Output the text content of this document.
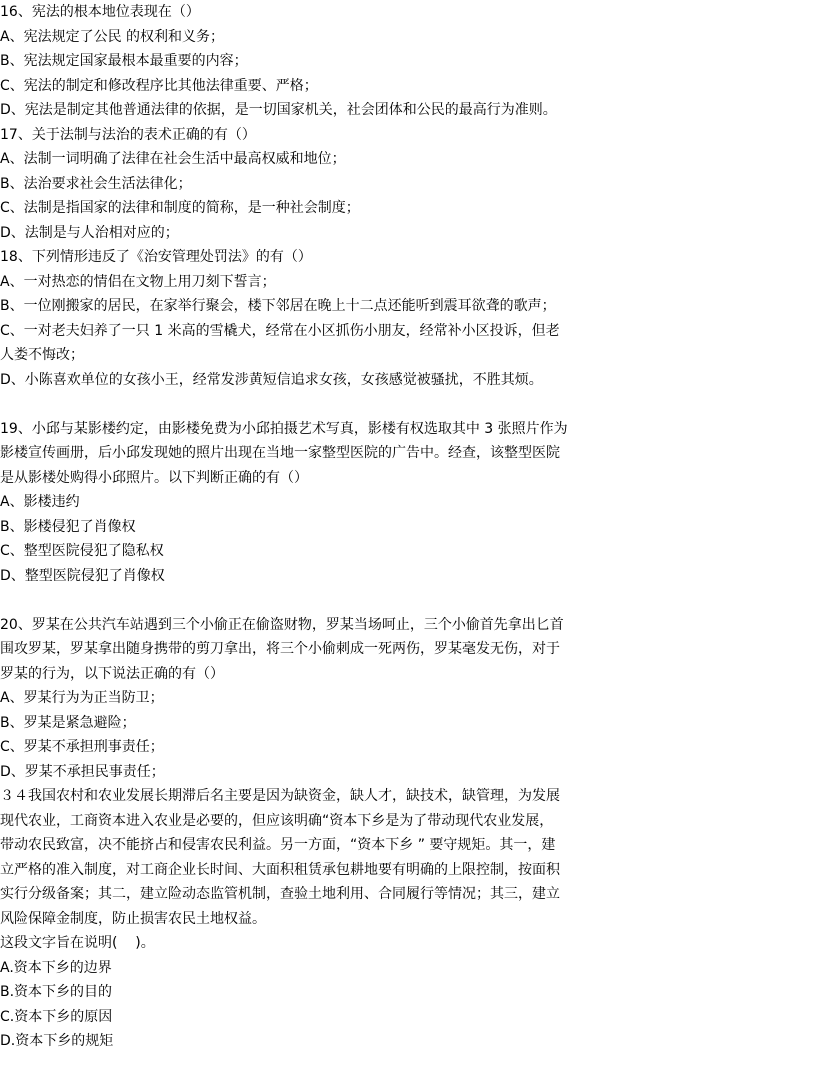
16、宪法的根本地位表现在（）

A、宪法规定了公民 的权利和义务；

B、宪法规定国家最根本最重要的内容；

C、宪法的制定和修改程序比其他法律重要、严格；

D、宪法是制定其他普通法律的依据，是一切国家机关，社会团体和公民的最高行为准则。

17、关于法制与法治的表术正确的有（）

A、法制一词明确了法律在社会生活中最高权威和地位；

B、法治要求社会生活法律化；

C、法制是指国家的法律和制度的简称，是一种社会制度；

D、法制是与人治相对应的；

18、下列情形违反了《治安管理处罚法》的有（）

A、一对热恋的情侣在文物上用刀刻下誓言；

B、一位刚搬家的居民，在家举行聚会，楼下邻居在晚上十二点还能听到震耳欲聋的歌声；

C、一对老夫妇养了一只 1 米高的雪橇犬，经常在小区抓伤小朋友，经常补小区投诉，但老

人娄不悔改；

D、小陈喜欢单位的女孩小王，经常发涉黄短信追求女孩，女孩感觉被骚扰，不胜其烦。

19、小邱与某影楼约定，由影楼免费为小邱拍摄艺术写真，影楼有权选取其中 3 张照片作为

影楼宣传画册，后小邱发现她的照片出现在当地一家整型医院的广告中。经查，该整型医院

是从影楼处购得小邱照片。以下判断正确的有（）

A、影楼违约

B、影楼侵犯了肖像权

C、整型医院侵犯了隐私权

D、整型医院侵犯了肖像权

20、罗某在公共汽车站遇到三个小偷正在偷盗财物，罗某当场呵止，三个小偷首先拿出匕首

围攻罗某，罗某拿出随身携带的剪刀拿出，将三个小偷刺成一死两伤，罗某毫发无伤，对于

罗某的行为，以下说法正确的有（）

A、罗某行为为正当防卫；

B、罗某是紧急避险；

C、罗某不承担刑事责任；

D、罗某不承担民事责任；

３４我国农村和农业发展长期滞后名主要是因为缺资金，缺人才，缺技术，缺管理，为发展

现代农业，工商资本进入农业是必要的，但应该明确“资本下乡是为了带动现代农业发展，

带动农民致富，决不能挤占和侵害农民利益。另一方面，“资本下乡 ” 要守规矩。其一，建

立严格的准入制度，对工商企业长时间、大面积租赁承包耕地要有明确的上限控制，按面积

实行分级备案；其二，建立险动态监管机制，查验土地利用、合同履行等情况；其三，建立

风险保障金制度，防止损害农民土地权益。

这段文字旨在说明(    )。

A.资本下乡的边界

B.资本下乡的目的

C.资本下乡的原因

D.资本下乡的规矩
